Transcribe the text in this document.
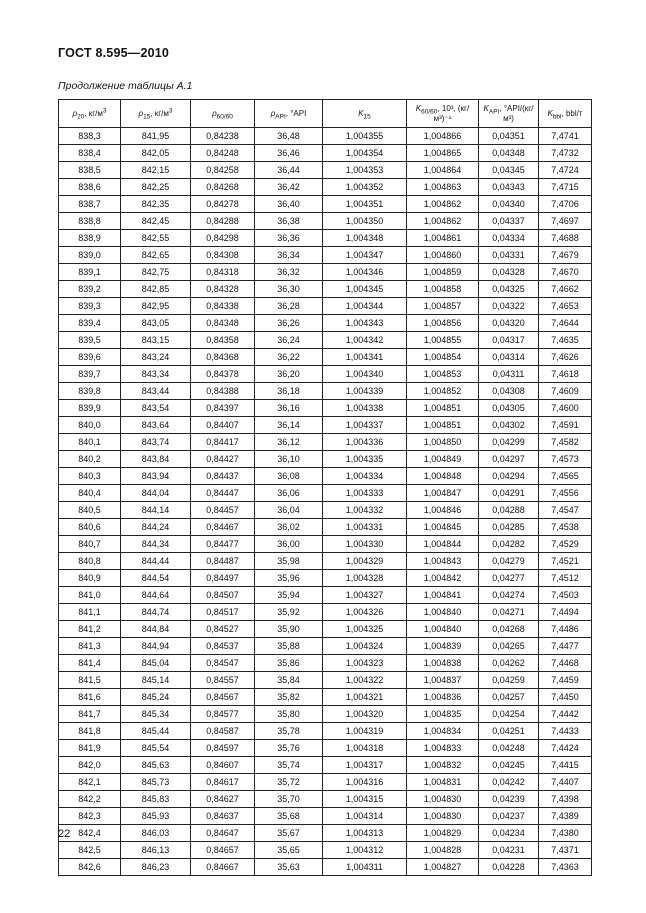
ГОСТ 8.595—2010
Продолжение таблицы А.1
$\rho_{20}$, $кг/м^3$	$\rho_{15}$, $кг/м^3$	$\rho_{60/60}$	$\rho_{API}$, °API	$K_{15}$	$K_{60/60}$, 10³, (кг/м³)⁻¹	$K_{API}$, °API/(кг/м³)	$K_{bbl}$, bbl/т
838,3	841,95	0,84238	36,48	1,004355	1,004866	0,04351	7,4741
838,4	842,05	0,84248	36,46	1,004354	1,004865	0,04348	7,4732
838,5	842,15	0,84258	36,44	1,004353	1,004864	0,04345	7,4724
838,6	842,25	0,84268	36,42	1,004352	1,004863	0,04343	7,4715
838,7	842,35	0,84278	36,40	1,004351	1,004862	0,04340	7,4706
838,8	842,45	0,84288	36,38	1,004350	1,004862	0,04337	7,4697
838,9	842,55	0,84298	36,36	1,004348	1,004861	0,04334	7,4688
839,0	842,65	0,84308	36,34	1,004347	1,004860	0,04331	7,4679
839,1	842,75	0,84318	36,32	1,004346	1,004859	0,04328	7,4670
839,2	842,85	0,84328	36,30	1,004345	1,004858	0,04325	7,4662
839,3	842,95	0,84338	36,28	1,004344	1,004857	0,04322	7,4653
839,4	843,05	0,84348	36,26	1,004343	1,004856	0,04320	7,4644
839,5	843,15	0,84358	36,24	1,004342	1,004855	0,04317	7,4635
839,6	843,24	0,84368	36,22	1,004341	1,004854	0,04314	7,4626
839,7	843,34	0,84378	36,20	1,004340	1,004853	0,04311	7,4618
839,8	843,44	0,84388	36,18	1,004339	1,004852	0,04308	7,4609
839,9	843,54	0,84397	36,16	1,004338	1,004851	0,04305	7,4600
840,0	843,64	0,84407	36,14	1,004337	1,004851	0,04302	7,4591
840,1	843,74	0,84417	36,12	1,004336	1,004850	0,04299	7,4582
840,2	843,84	0,84427	36,10	1,004335	1,004849	0,04297	7,4573
840,3	843,94	0,84437	36,08	1,004334	1,004848	0,04294	7,4565
840,4	844,04	0,84447	36,06	1,004333	1,004847	0,04291	7,4556
840,5	844,14	0,84457	36,04	1,004332	1,004846	0,04288	7,4547
840,6	844,24	0,84467	36,02	1,004331	1,004845	0,04285	7,4538
840,7	844,34	0,84477	36,00	1,004330	1,004844	0,04282	7,4529
840,8	844,44	0,84487	35,98	1,004329	1,004843	0,04279	7,4521
840,9	844,54	0,84497	35,96	1,004328	1,004842	0,04277	7,4512
841,0	844,64	0,84507	35,94	1,004327	1,004841	0,04274	7,4503
841,1	844,74	0,84517	35,92	1,004326	1,004840	0,04271	7,4494
841,2	844,84	0,84527	35,90	1,004325	1,004840	0,04268	7,4486
841,3	844,94	0,84537	35,88	1,004324	1,004839	0,04265	7,4477
841,4	845,04	0,84547	35,86	1,004323	1,004838	0,04262	7,4468
841,5	845,14	0,84557	35,84	1,004322	1,004837	0,04259	7,4459
841,6	845,24	0,84567	35,82	1,004321	1,004836	0,04257	7,4450
841,7	845,34	0,84577	35,80	1,004320	1,004835	0,04254	7,4442
841,8	845,44	0,84587	35,78	1,004319	1,004834	0,04251	7,4433
841,9	845,54	0,84597	35,76	1,004318	1,004833	0,04248	7,4424
842,0	845,63	0,84607	35,74	1,004317	1,004832	0,04245	7,4415
842,1	845,73	0,84617	35,72	1,004316	1,004831	0,04242	7,4407
842,2	845,83	0,84627	35,70	1,004315	1,004830	0,04239	7,4398
842,3	845,93	0,84637	35,68	1,004314	1,004830	0,04237	7,4389
842,4	846,03	0,84647	35,67	1,004313	1,004829	0,04234	7,4380
842,5	846,13	0,84657	35,65	1,004312	1,004828	0,04231	7,4371
842,6	846,23	0,84667	35,63	1,004311	1,004827	0,04228	7,4363
22
